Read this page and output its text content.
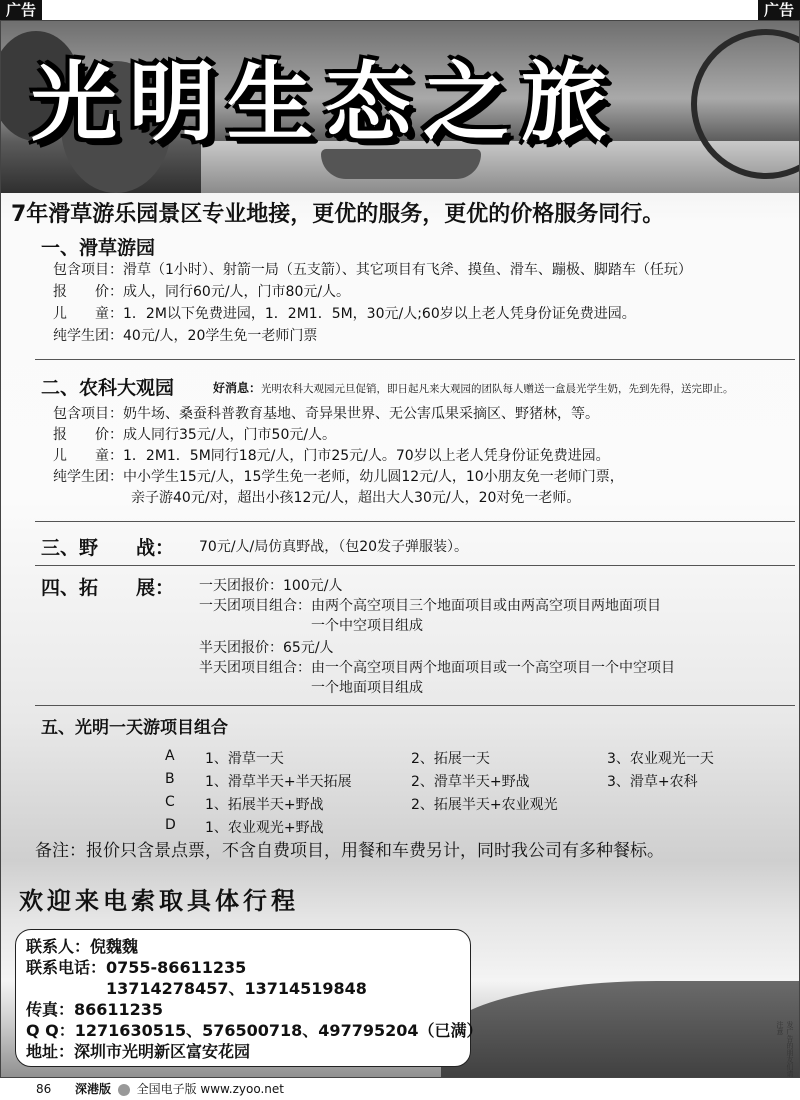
广告	广告
光明生态之旅
7年滑草游乐园景区专业地接，更优的服务，更优的价格服务同行。
一、滑草游园
包含项目：滑草（1小时）、射箭一局（五支箭）、其它项目有飞斧、摸鱼、滑车、蹦极、脚踏车（任玩）
报　　价：成人，同行60元/人，门市80元/人。
儿　　童：1．2M以下免费进园，1．2M1．5M，30元/人;60岁以上老人凭身份证免费进园。
纯学生团：40元/人，20学生免一老师门票
二、农科大观园	好消息：光明农科大观园元旦促销，即日起凡来大观园的团队每人赠送一盒晨光学生奶，先到先得，送完即止。
包含项目：奶牛场、桑蚕科普教育基地、奇异果世界、无公害瓜果采摘区、野猪林，等。
报　　价：成人同行35元/人，门市50元/人。
儿　　童：1．2M1．5M同行18元/人，门市25元/人。70岁以上老人凭身份证免费进园。
纯学生团：中小学生15元/人，15学生免一老师，幼儿圆12元/人，10小朋友免一老师门票，
亲子游40元/对，超出小孩12元/人，超出大人30元/人，20对免一老师。
三、野　　战： 70元/人/局仿真野战，（包20发子弹服装）。
四、拓　　展： 一天团报价：100元/人
一天团项目组合：由两个高空项目三个地面项目或由两高空项目两地面项目
　　　　　　　　一个中空项目组成
半天团报价：65元/人
半天团项目组合：由一个高空项目两个地面项目或一个高空项目一个中空项目
　　　　　　　　一个地面项目组成
五、光明一天游项目组合
A 1、滑草一天	2、拓展一天	3、农业观光一天
B 1、滑草半天+半天拓展	2、滑草半天+野战	3、滑草+农科
C 1、拓展半天+野战	2、拓展半天+农业观光
D 1、农业观光+野战
备注：报价只含景点票，不含自费项目，用餐和车费另计，同时我公司有多种餐标。
欢迎来电索取具体行程
联系人：倪魏魏
联系电话：0755-86611235
　　　　　13714278457、13714519848
传真：86611235
Q Q：1271630515、576500718、497795204（已满）
地址：深圳市光明新区富安花园	发广告的朋友们请注意
86 深港版 全国电子版 www.zyoo.net
